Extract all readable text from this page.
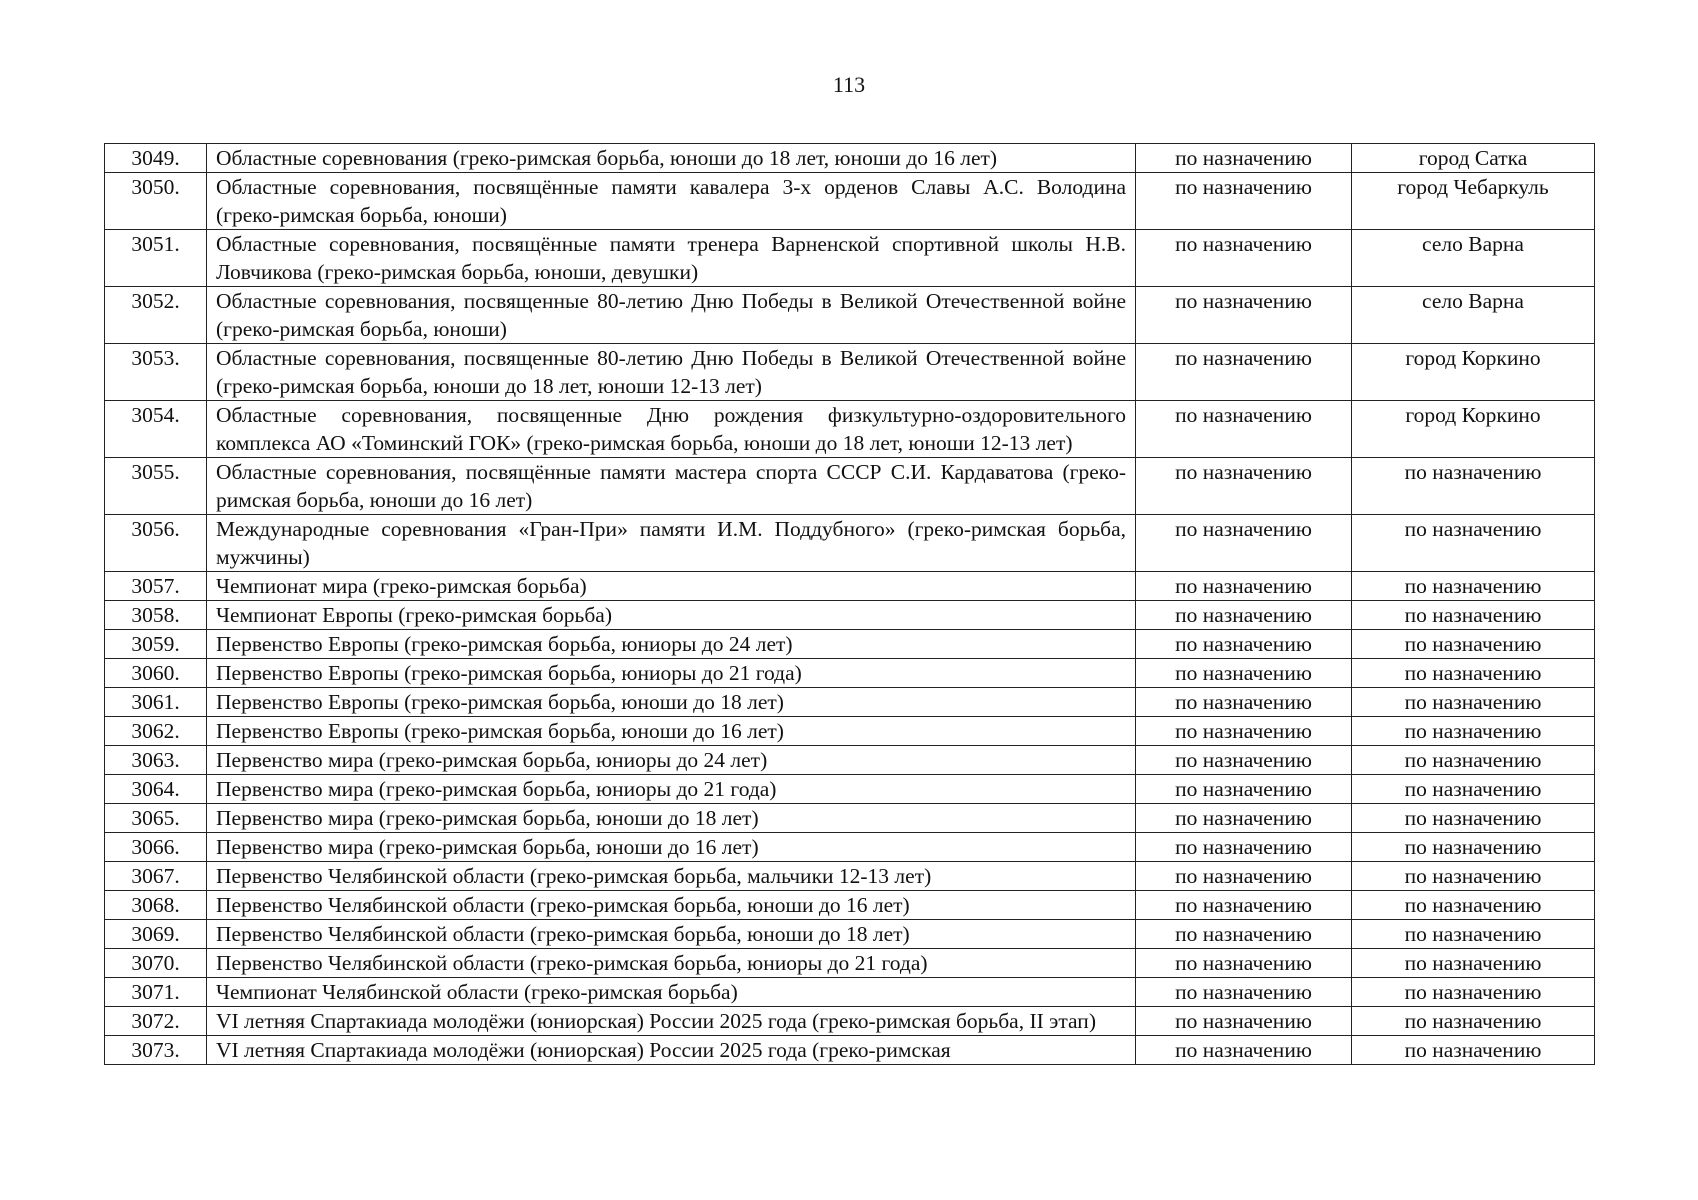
113
3049.	Областные соревнования (греко-римская борьба, юноши до 18 лет, юноши до 16 лет)	по назначению	город Сатка
3050.	Областные соревнования, посвящённые памяти кавалера 3-х орденов Славы А.С. Володина (греко-римская борьба, юноши)	по назначению	город Чебаркуль
3051.	Областные соревнования, посвящённые памяти тренера Варненской спортивной школы Н.В. Ловчикова (греко-римская борьба, юноши, девушки)	по назначению	село Варна
3052.	Областные соревнования, посвященные 80-летию Дню Победы в Великой Отечественной войне (греко-римская борьба, юноши)	по назначению	село Варна
3053.	Областные соревнования, посвященные 80-летию Дню Победы в Великой Отечественной войне (греко-римская борьба, юноши до 18 лет, юноши 12-13 лет)	по назначению	город Коркино
3054.	Областные соревнования, посвященные Дню рождения физкультурно-оздоровительного комплекса АО «Томинский ГОК» (греко-римская борьба, юноши до 18 лет, юноши 12-13 лет)	по назначению	город Коркино
3055.	Областные соревнования, посвящённые памяти мастера спорта СССР С.И. Кардаватова (греко-римская борьба, юноши до 16 лет)	по назначению	по назначению
3056.	Международные соревнования «Гран-При» памяти И.М. Поддубного» (греко-римская борьба, мужчины)	по назначению	по назначению
3057.	Чемпионат мира (греко-римская борьба)	по назначению	по назначению
3058.	Чемпионат Европы (греко-римская борьба)	по назначению	по назначению
3059.	Первенство Европы (греко-римская борьба, юниоры до 24 лет)	по назначению	по назначению
3060.	Первенство Европы (греко-римская борьба, юниоры до 21 года)	по назначению	по назначению
3061.	Первенство Европы (греко-римская борьба, юноши до 18 лет)	по назначению	по назначению
3062.	Первенство Европы (греко-римская борьба, юноши до 16 лет)	по назначению	по назначению
3063.	Первенство мира (греко-римская борьба, юниоры до 24 лет)	по назначению	по назначению
3064.	Первенство мира (греко-римская борьба, юниоры до 21 года)	по назначению	по назначению
3065.	Первенство мира (греко-римская борьба, юноши до 18 лет)	по назначению	по назначению
3066.	Первенство мира (греко-римская борьба, юноши до 16 лет)	по назначению	по назначению
3067.	Первенство Челябинской области (греко-римская борьба, мальчики 12-13 лет)	по назначению	по назначению
3068.	Первенство Челябинской области (греко-римская борьба, юноши до 16 лет)	по назначению	по назначению
3069.	Первенство Челябинской области (греко-римская борьба, юноши до 18 лет)	по назначению	по назначению
3070.	Первенство Челябинской области (греко-римская борьба, юниоры до 21 года)	по назначению	по назначению
3071.	Чемпионат Челябинской области (греко-римская борьба)	по назначению	по назначению
3072.	VI летняя Спартакиада молодёжи (юниорская) России 2025 года (греко-римская борьба, II этап)	по назначению	по назначению
3073.	VI летняя Спартакиада молодёжи (юниорская) России 2025 года (греко-римская	по назначению	по назначению
